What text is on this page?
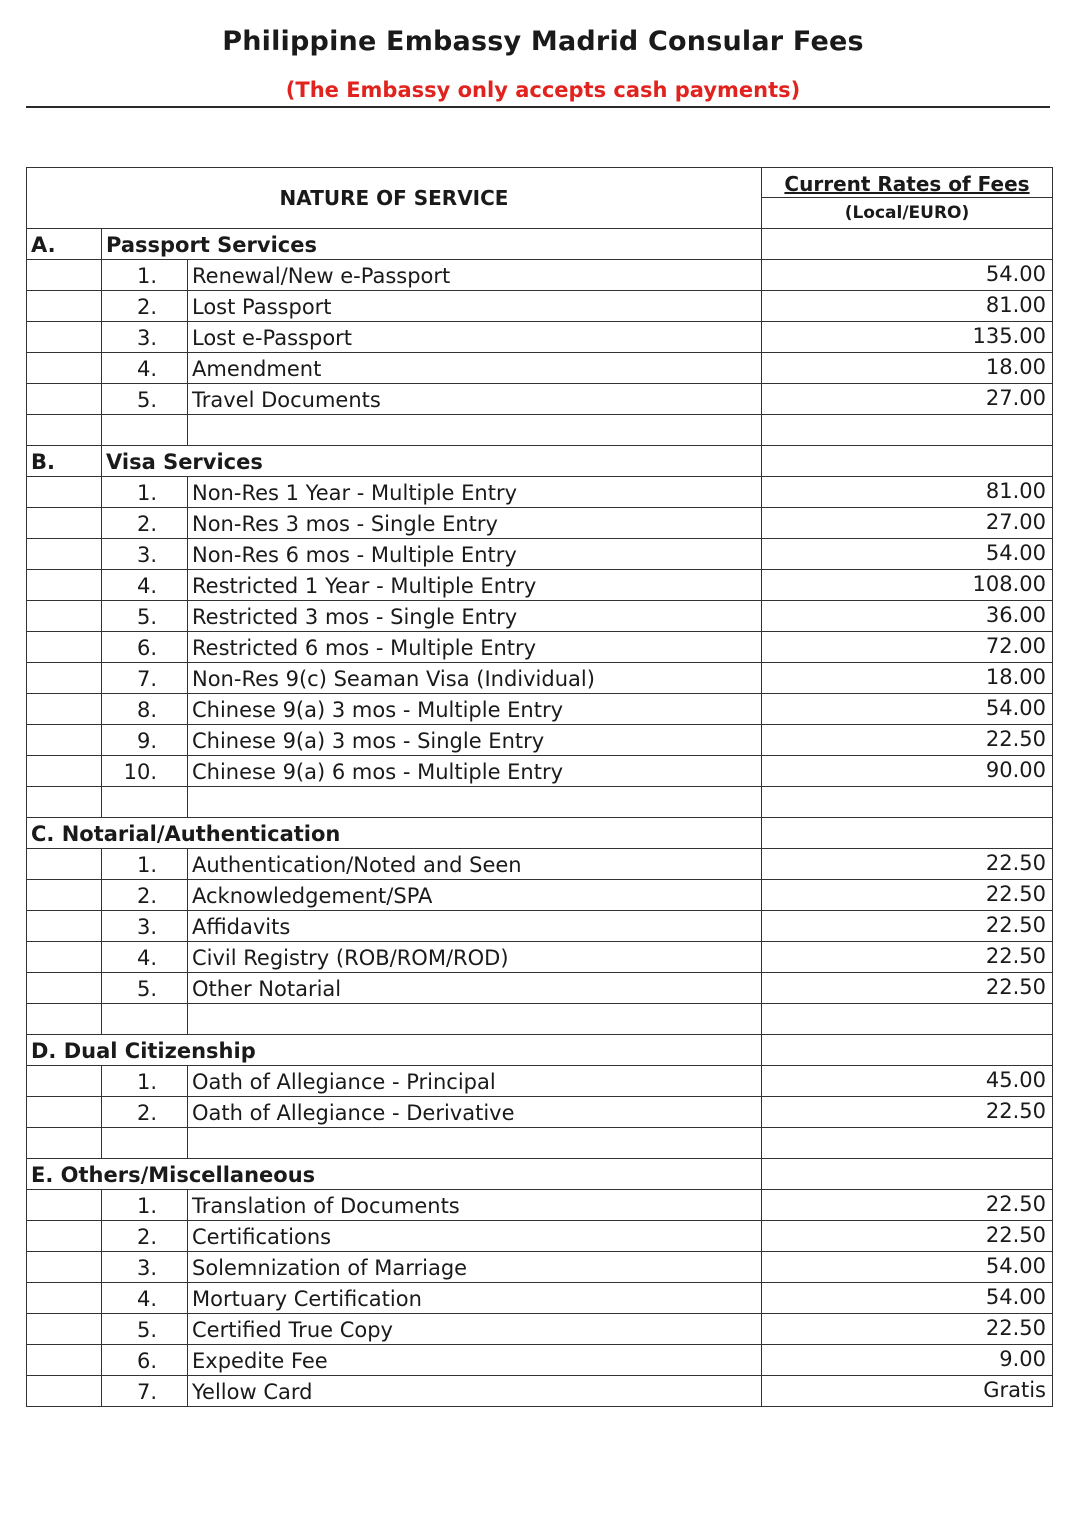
Philippine Embassy Madrid Consular Fees
(The Embassy only accepts cash payments)
NATURE OF SERVICE			Current Rates of Fees
(Local/EURO)

A.	Passport Services		
	1.	Renewal/New e-Passport	54.00
	2.	Lost Passport	81.00
	3.	Lost e-Passport	135.00
	4.	Amendment	18.00
	5.	Travel Documents	27.00

B.	Visa Services		
	1.	Non-Res 1 Year - Multiple Entry	81.00
	2.	Non-Res 3 mos - Single Entry	27.00
	3.	Non-Res 6 mos - Multiple Entry	54.00
	4.	Restricted 1 Year - Multiple Entry	108.00
	5.	Restricted 3 mos - Single Entry	36.00
	6.	Restricted 6 mos - Multiple Entry	72.00
	7.	Non-Res 9(c) Seaman Visa (Individual)	18.00
	8.	Chinese 9(a) 3 mos - Multiple Entry	54.00
	9.	Chinese 9(a) 3 mos - Single Entry	22.50
	10.	Chinese 9(a) 6 mos - Multiple Entry	90.00

C. Notarial/Authentication			
	1.	Authentication/Noted and Seen	22.50
	2.	Acknowledgement/SPA	22.50
	3.	Affidavits	22.50
	4.	Civil Registry (ROB/ROM/ROD)	22.50
	5.	Other Notarial	22.50

D. Dual Citizenship			
	1.	Oath of Allegiance - Principal	45.00
	2.	Oath of Allegiance - Derivative	22.50

E. Others/Miscellaneous			
	1.	Translation of Documents	22.50
	2.	Certifications	22.50
	3.	Solemnization of Marriage	54.00
	4.	Mortuary Certification	54.00
	5.	Certified True Copy	22.50
	6.	Expedite Fee	9.00
	7.	Yellow Card	Gratis
